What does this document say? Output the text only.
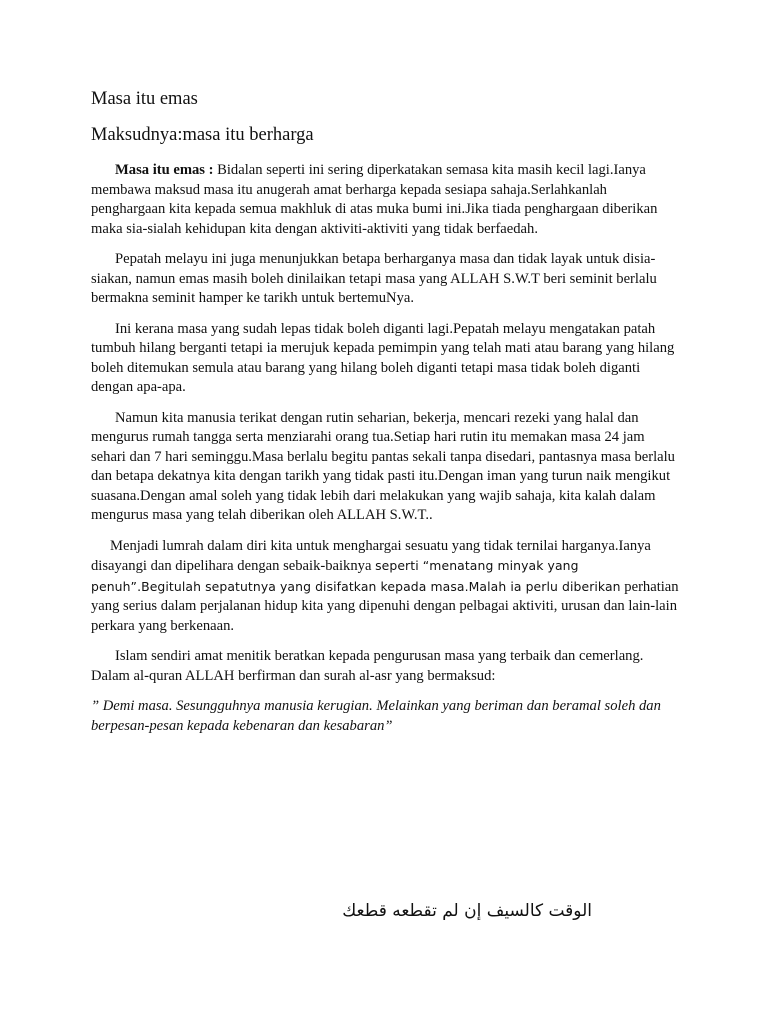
Masa itu emas
Maksudnya:masa itu berharga

Masa itu emas : Bidalan seperti ini sering diperkatakan semasa kita masih kecil lagi.Ianya membawa maksud masa itu anugerah amat berharga kepada sesiapa sahaja.Serlahkanlah penghargaan kita kepada semua makhluk di atas muka bumi ini.Jika tiada penghargaan diberikan maka sia-sialah kehidupan kita dengan aktiviti-aktiviti yang tidak berfaedah.

Pepatah melayu ini juga menunjukkan betapa berharganya masa dan tidak layak untuk disia-siakan, namun emas masih boleh dinilaikan tetapi masa yang ALLAH S.W.T beri seminit berlalu bermakna seminit hamper ke tarikh untuk bertemuNya.

Ini kerana masa yang sudah lepas tidak boleh diganti lagi.Pepatah melayu mengatakan patah tumbuh hilang berganti tetapi ia merujuk kepada pemimpin yang telah mati atau barang yang hilang boleh ditemukan semula atau barang yang hilang boleh diganti tetapi masa tidak boleh diganti dengan apa-apa.

Namun kita manusia terikat dengan rutin seharian, bekerja, mencari rezeki yang halal dan mengurus rumah tangga serta menziarahi orang tua.Setiap hari rutin itu memakan masa 24 jam sehari dan 7 hari seminggu.Masa berlalu begitu pantas sekali tanpa disedari, pantasnya masa berlalu dan betapa dekatnya kita dengan tarikh yang tidak pasti itu.Dengan iman yang turun naik mengikut suasana.Dengan amal soleh yang tidak lebih dari melakukan yang wajib sahaja, kita kalah dalam mengurus masa yang telah diberikan oleh ALLAH S.W.T..

Menjadi lumrah dalam diri kita untuk menghargai sesuatu yang tidak ternilai harganya.Ianya disayangi dan dipelihara dengan sebaik-baiknya seperti “menatang minyak yang penuh”.Begitulah sepatutnya yang disifatkan kepada masa.Malah ia perlu diberikan perhatian yang serius dalam perjalanan hidup kita yang dipenuhi dengan pelbagai aktiviti, urusan dan lain-lain perkara yang berkenaan.

Islam sendiri amat menitik beratkan kepada pengurusan masa yang terbaik dan cemerlang. Dalam al-quran ALLAH berfirman dan surah al-asr yang bermaksud:

” Demi masa. Sesungguhnya manusia kerugian. Melainkan yang beriman dan beramal soleh dan berpesan-pesan kepada kebenaran dan kesabaran”

الوقت كالسيف إن لم تقطعه قطعك
